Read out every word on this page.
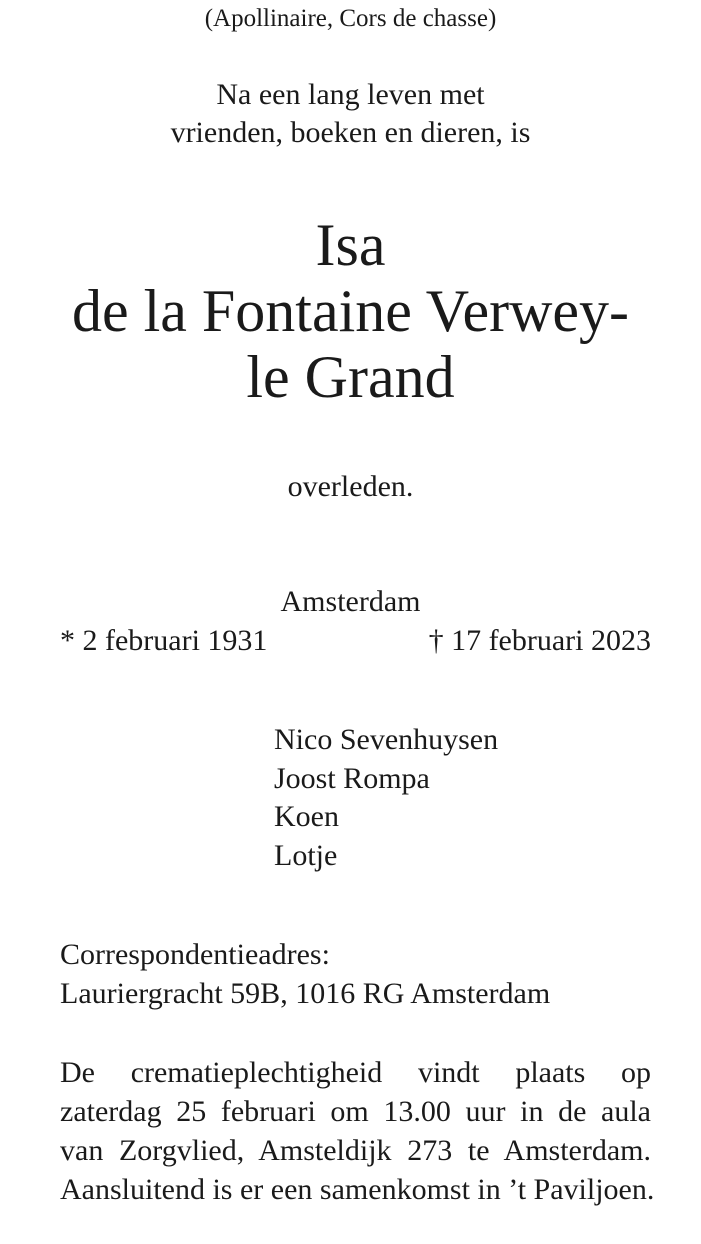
(Apollinaire, Cors de chasse)
Na een lang leven met
vrienden, boeken en dieren, is
Isa
de la Fontaine Verwey-
le Grand
overleden.
Amsterdam
* 2 februari 1931	† 17 februari 2023
Nico Sevenhuysen
Joost Rompa
Koen
Lotje
Correspondentieadres:
Lauriergracht 59B, 1016 RG Amsterdam
De crematieplechtigheid vindt plaats op
zaterdag 25 februari om 13.00 uur in de aula
van Zorgvlied, Amsteldijk 273 te Amsterdam.
Aansluitend is er een samenkomst in ’t Paviljoen.
